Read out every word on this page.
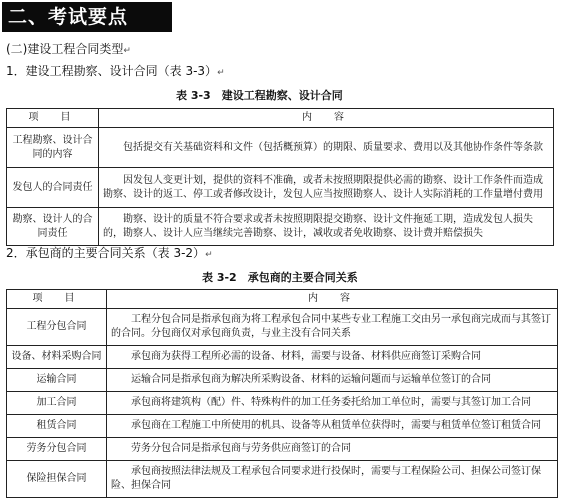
二、考试要点
(二)建设工程合同类型↵
1．建设工程勘察、设计合同（表 3-3）↵
表 3-3　建设工程勘察、设计合同
项　目	内　容
工程勘察、设计合同的内容	包括提交有关基础资料和文件（包括概预算）的期限、质量要求、费用以及其他协作条件等条款
发包人的合同责任	因发包人变更计划，提供的资料不准确，或者未按照期限提供必需的勘察、设计工作条件而造成勘察、设计的返工、停工或者修改设计，发包人应当按照勘察人、设计人实际消耗的工作量增付费用
勘察、设计人的合同责任	勘察、设计的质量不符合要求或者未按照期限提交勘察、设计文件拖延工期，造成发包人损失的，勘察人、设计人应当继续完善勘察、设计，减收或者免收勘察、设计费并赔偿损失
2．承包商的主要合同关系（表 3-2）↵
表 3-2　承包商的主要合同关系
项　目	内　容
工程分包合同	工程分包合同是指承包商为将工程承包合同中某些专业工程施工交由另一承包商完成而与其签订的合同。分包商仅对承包商负责，与业主没有合同关系
设备、材料采购合同	承包商为获得工程所必需的设备、材料，需要与设备、材料供应商签订采购合同
运输合同	运输合同是指承包商为解决所采购设备、材料的运输问题而与运输单位签订的合同
加工合同	承包商将建筑构（配）件、特殊构件的加工任务委托给加工单位时，需要与其签订加工合同
租赁合同	承包商在工程施工中所使用的机具、设备等从租赁单位获得时，需要与租赁单位签订租赁合同
劳务分包合同	劳务分包合同是指承包商与劳务供应商签订的合同
保险担保合同	承包商按照法律法规及工程承包合同要求进行投保时，需要与工程保险公司、担保公司签订保险、担保合同
